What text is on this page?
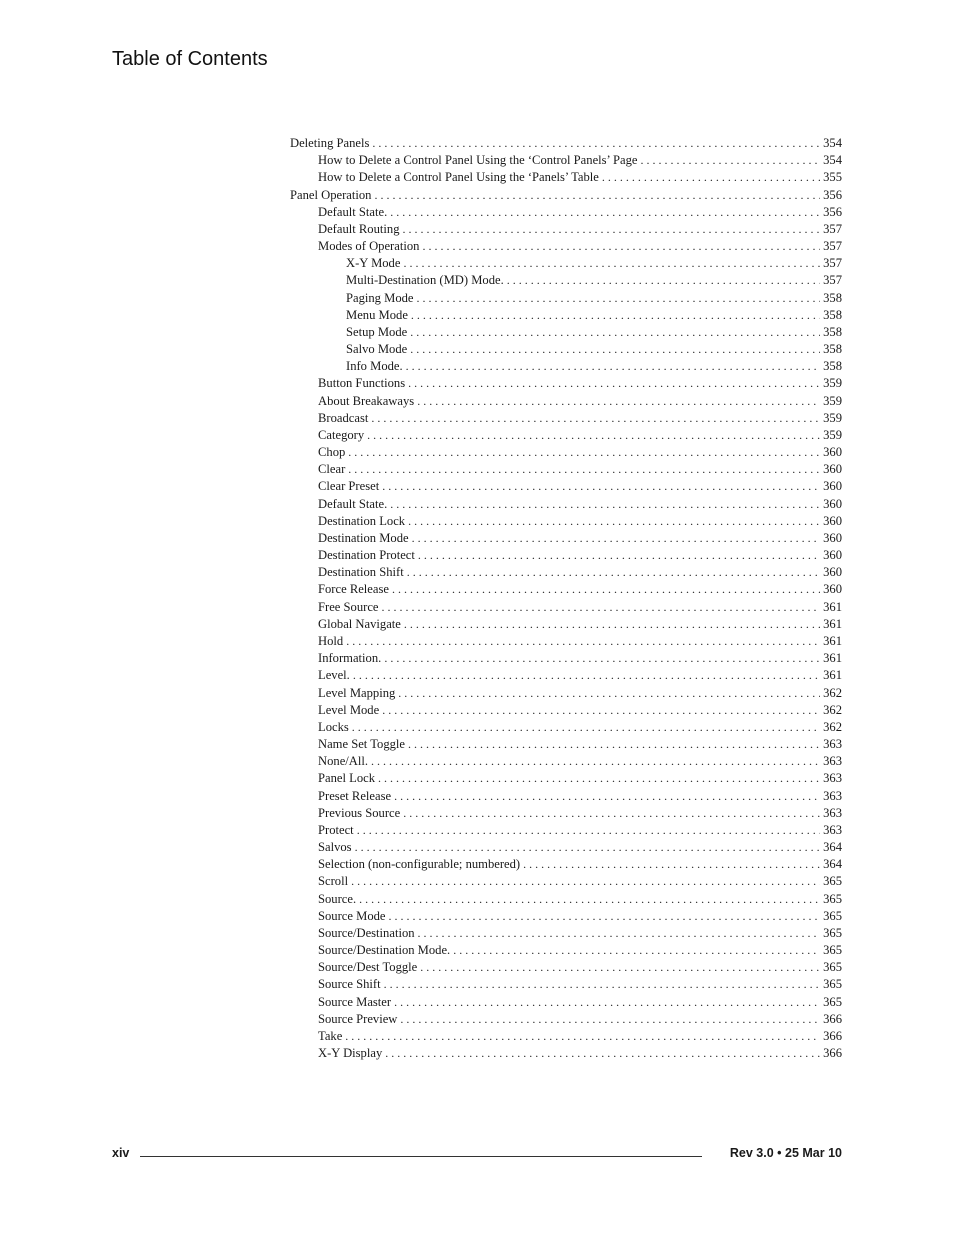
Table of Contents
Deleting Panels . . .	354
How to Delete a Control Panel Using the ‘Control Panels’ Page . . .	354
How to Delete a Control Panel Using the ‘Panels’ Table . . .	355
Panel Operation . . .	356
Default State. . . .	356
Default Routing . . .	357
Modes of Operation . . .	357
X-Y Mode . . .	357
Multi-Destination (MD) Mode. . . .	357
Paging Mode . . .	358
Menu Mode . . .	358
Setup Mode . . .	358
Salvo Mode . . .	358
Info Mode. . . .	358
Button Functions . . .	359
About Breakaways . . .	359
Broadcast . . .	359
Category . . .	359
Chop . . .	360
Clear . . .	360
Clear Preset . . .	360
Default State. . . .	360
Destination Lock . . .	360
Destination Mode . . .	360
Destination Protect . . .	360
Destination Shift . . .	360
Force Release . . .	360
Free Source . . .	361
Global Navigate . . .	361
Hold . . .	361
Information. . . .	361
Level. . . .	361
Level Mapping . . .	362
Level Mode . . .	362
Locks . . .	362
Name Set Toggle . . .	363
None/All. . . .	363
Panel Lock . . .	363
Preset Release . . .	363
Previous Source . . .	363
Protect . . .	363
Salvos . . .	364
Selection (non-configurable; numbered) . . .	364
Scroll . . .	365
Source. . . .	365
Source Mode . . .	365
Source/Destination . . .	365
Source/Destination Mode. . . .	365
Source/Dest Toggle . . .	365
Source Shift . . .	365
Source Master . . .	365
Source Preview . . .	366
Take . . .	366
X-Y Display . . .	366
xiv	Rev 3.0 • 25 Mar 10
